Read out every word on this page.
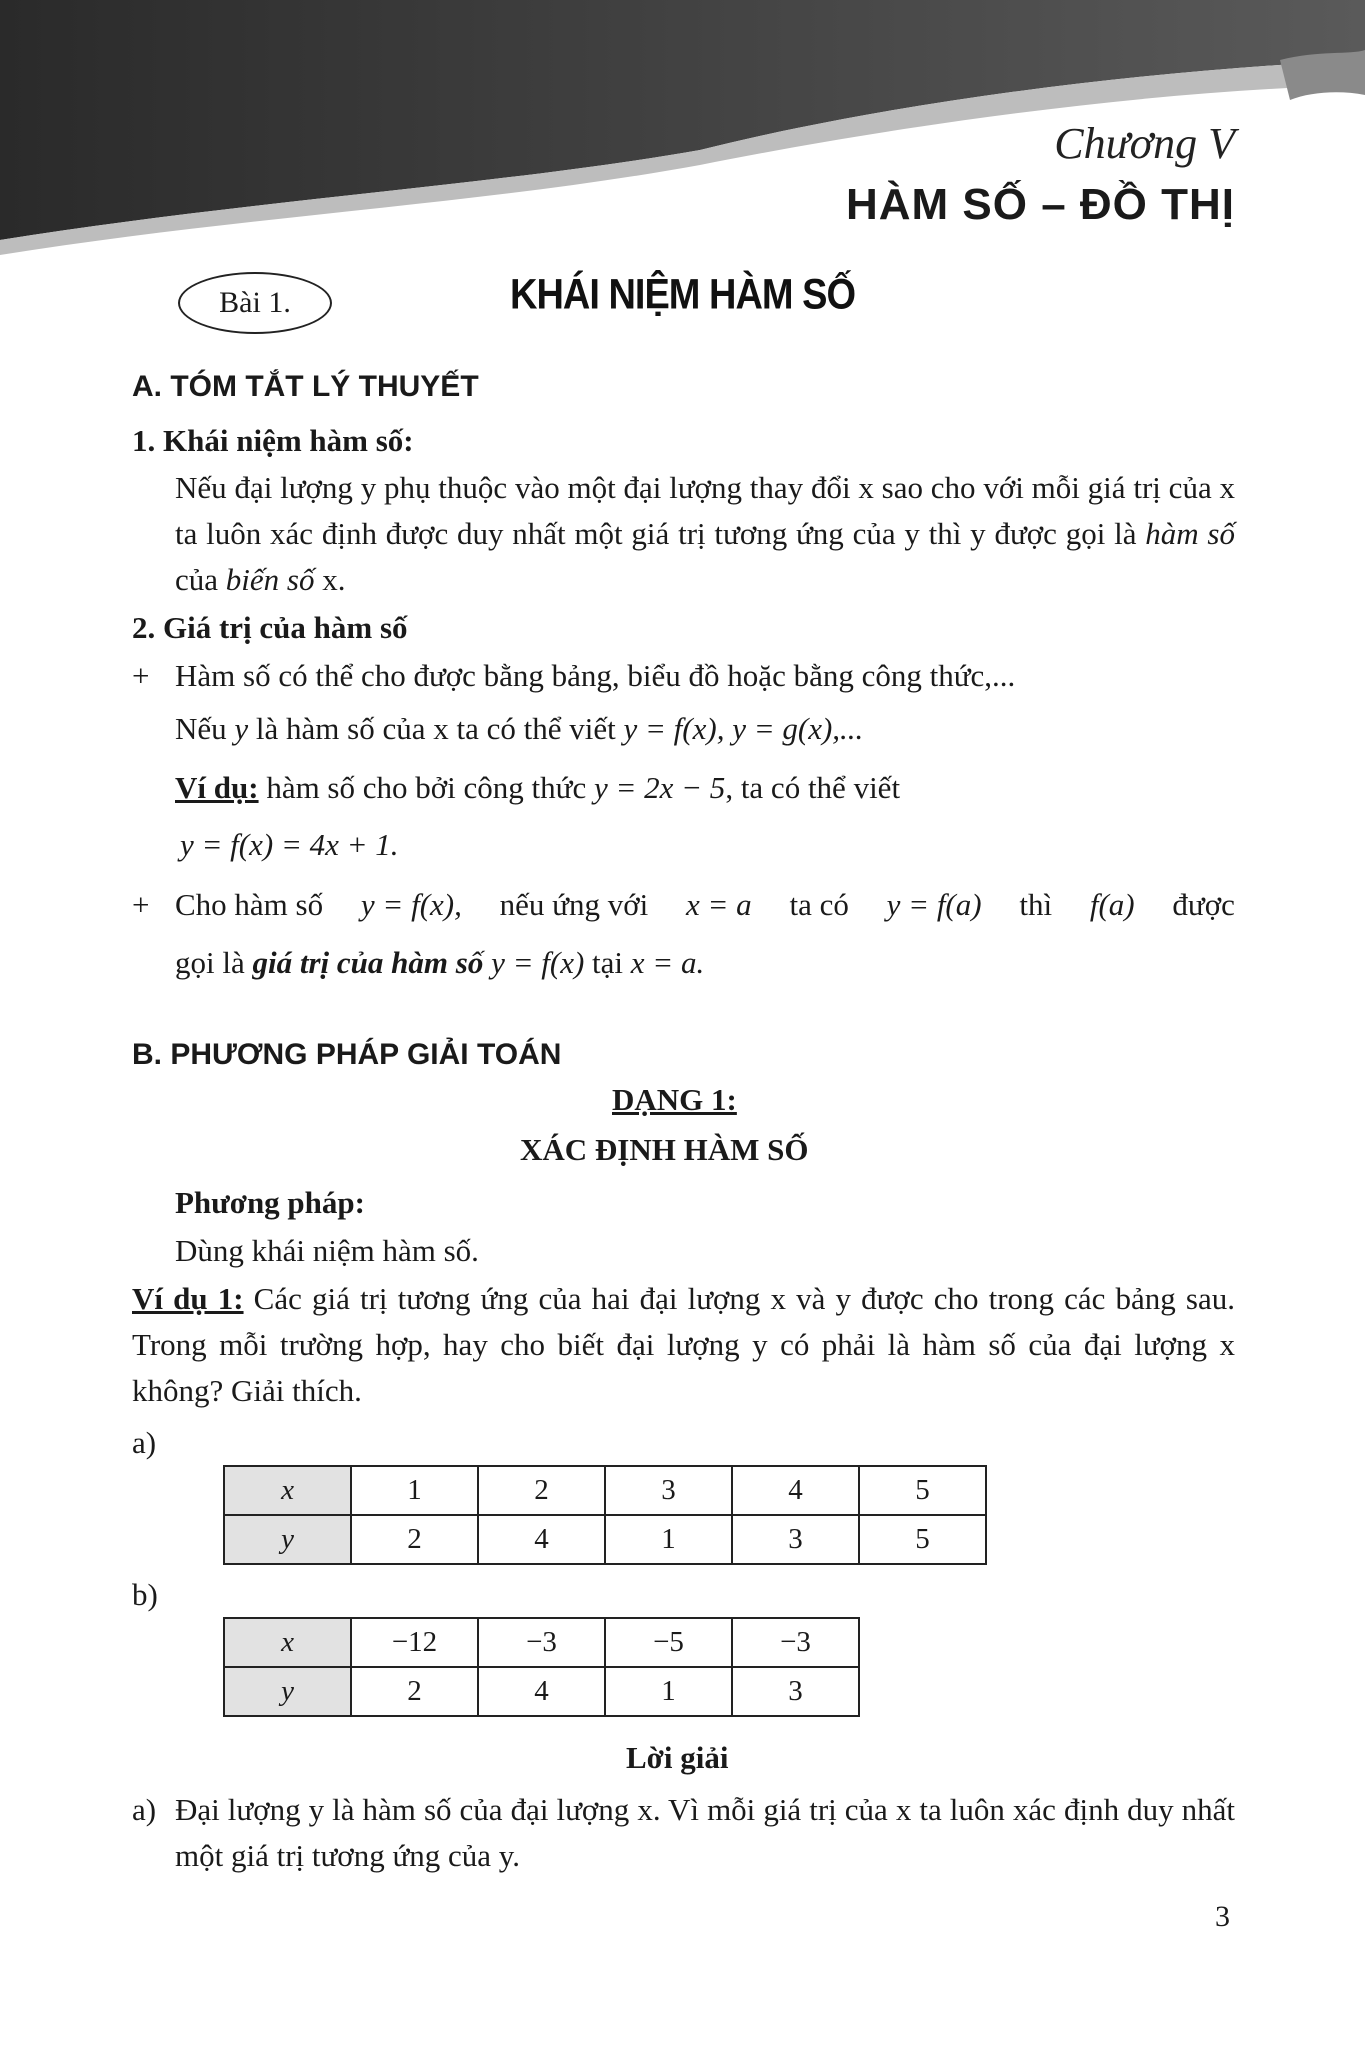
Chương V
HÀM SỐ – ĐỒ THỊ
Bài 1.	KHÁI NIỆM HÀM SỐ
A. TÓM TẮT LÝ THUYẾT
1. Khái niệm hàm số:
Nếu đại lượng y phụ thuộc vào một đại lượng thay đổi x sao cho với mỗi giá trị của x ta luôn xác định được duy nhất một giá trị tương ứng của y thì y được gọi là hàm số của biến số x.
2. Giá trị của hàm số
+ Hàm số có thể cho được bằng bảng, biểu đồ hoặc bằng công thức,...
Nếu y là hàm số của x ta có thể viết y = f(x), y = g(x),...
Ví dụ: hàm số cho bởi công thức y = 2x − 5, ta có thể viết
y = f(x) = 4x + 1.
+ Cho hàm số y = f(x), nếu ứng với x = a ta có y = f(a) thì f(a) được
gọi là giá trị của hàm số y = f(x) tại x = a.
B. PHƯƠNG PHÁP GIẢI TOÁN
DẠNG 1:
XÁC ĐỊNH HÀM SỐ
Phương pháp:
Dùng khái niệm hàm số.
Ví dụ 1: Các giá trị tương ứng của hai đại lượng x và y được cho trong các bảng sau. Trong mỗi trường hợp, hay cho biết đại lượng y có phải là hàm số của đại lượng x không? Giải thích.
a)
x	1	2	3	4	5
y	2	4	1	3	5
b)
x	−12	−3	−5	−3
y	2	4	1	3
Lời giải
a) Đại lượng y là hàm số của đại lượng x. Vì mỗi giá trị của x ta luôn xác định duy nhất một giá trị tương ứng của y.
3
